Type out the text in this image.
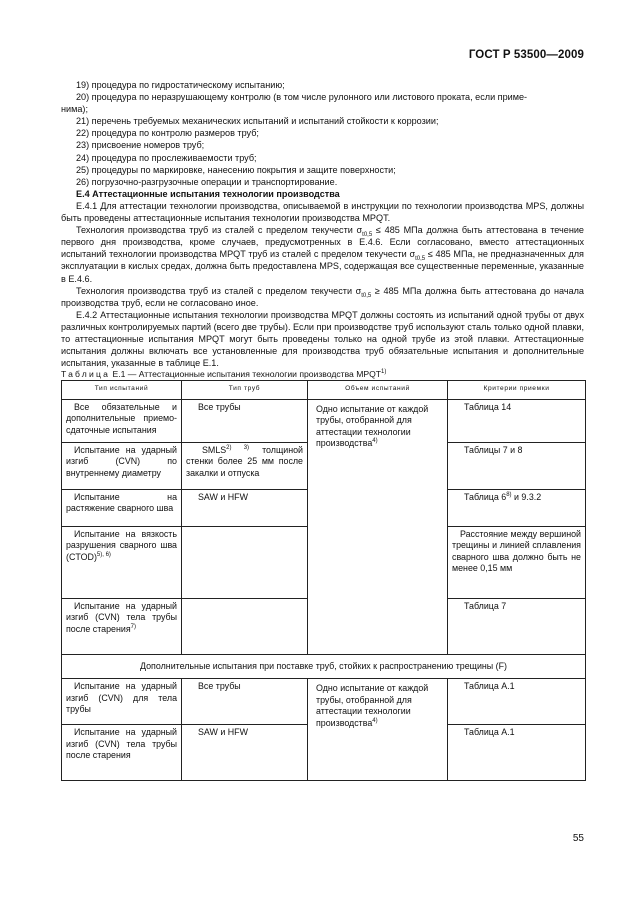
ГОСТ Р 53500—2009
19) процедура по гидростатическому испытанию;
20) процедура по неразрушающему контролю (в том числе рулонного или листового проката, если приме-
нима);
21) перечень требуемых механических испытаний и испытаний стойкости к коррозии;
22) процедура по контролю размеров труб;
23) присвоение номеров труб;
24) процедура по прослеживаемости труб;
25) процедуры по маркировке, нанесению покрытия и защите поверхности;
26) погрузочно-разгрузочные операции и транспортирование.
Е.4 Аттестационные испытания технологии производства
Е.4.1 Для аттестации технологии производства, описываемой в инструкции по технологии производства MPS, должны быть проведены аттестационные испытания технологии производства MPQT.
Технология производства труб из сталей с пределом текучести $\sigma_{t0,5} \le 485$ МПа должна быть аттестована в течение первого дня производства, кроме случаев, предусмотренных в Е.4.6. Если согласовано, вместо аттестационных испытаний технологии производства MPQT труб из сталей с пределом текучести $\sigma_{t0,5} \le 485$ МПа, не предназначенных для эксплуатации в кислых средах, должна быть предоставлена MPS, содержащая все существенные переменные, указанные в Е.4.6.
Технология производства труб из сталей с пределом текучести $\sigma_{t0,5} \ge 485$ МПа должна быть аттестована до начала производства труб, если не согласовано иное.
Е.4.2 Аттестационные испытания технологии производства MPQT должны состоять из испытаний одной трубы от двух различных контролируемых партий (всего две трубы). Если при производстве труб используют сталь только одной плавки, то аттестационные испытания MPQT могут быть проведены только на одной трубе из этой плавки. Аттестационные испытания должны включать все установленные для производства труб обязательные испытания и дополнительные испытания, указанные в таблице Е.1.
Таблица Е.1 — Аттестационные испытания технологии производства MPQT$^{1)}$
Тип испытаний	Тип труб	Объем испытаний	Критерии приемки
Все обязательные и дополнительные приемо-сдаточные испытания	Все трубы	Одно испытание от каждой трубы, отобранной для аттестации технологии производства$^{4)}$	Таблица 14
Испытание на ударный изгиб (CVN) по внутреннему диаметру	$SMLS^{2) 3)}$ толщиной стенки более 25 мм после закалки и отпуска		Таблицы 7 и 8
Испытание на растяжение сварного шва	SAW и HFW		Таблица 6$^{8)}$ и 9.3.2
Испытание на вязкость разрушения сварного шва (CTOD)$^{5), 6)}$			Расстояние между вершиной трещины и линией сплавления сварного шва должно быть не менее 0,15 мм
Испытание на ударный изгиб (CVN) тела трубы после старения$^{7)}$			Таблица 7
Дополнительные испытания при поставке труб, стойких к распространению трещины (F)			
Испытание на ударный изгиб (CVN) для тела трубы	Все трубы	Одно испытание от каждой трубы, отобранной для аттестации технологии производства$^{4)}$	Таблица А.1
Испытание на ударный изгиб (CVN) тела трубы после старения	SAW и HFW		Таблица А.1
55
